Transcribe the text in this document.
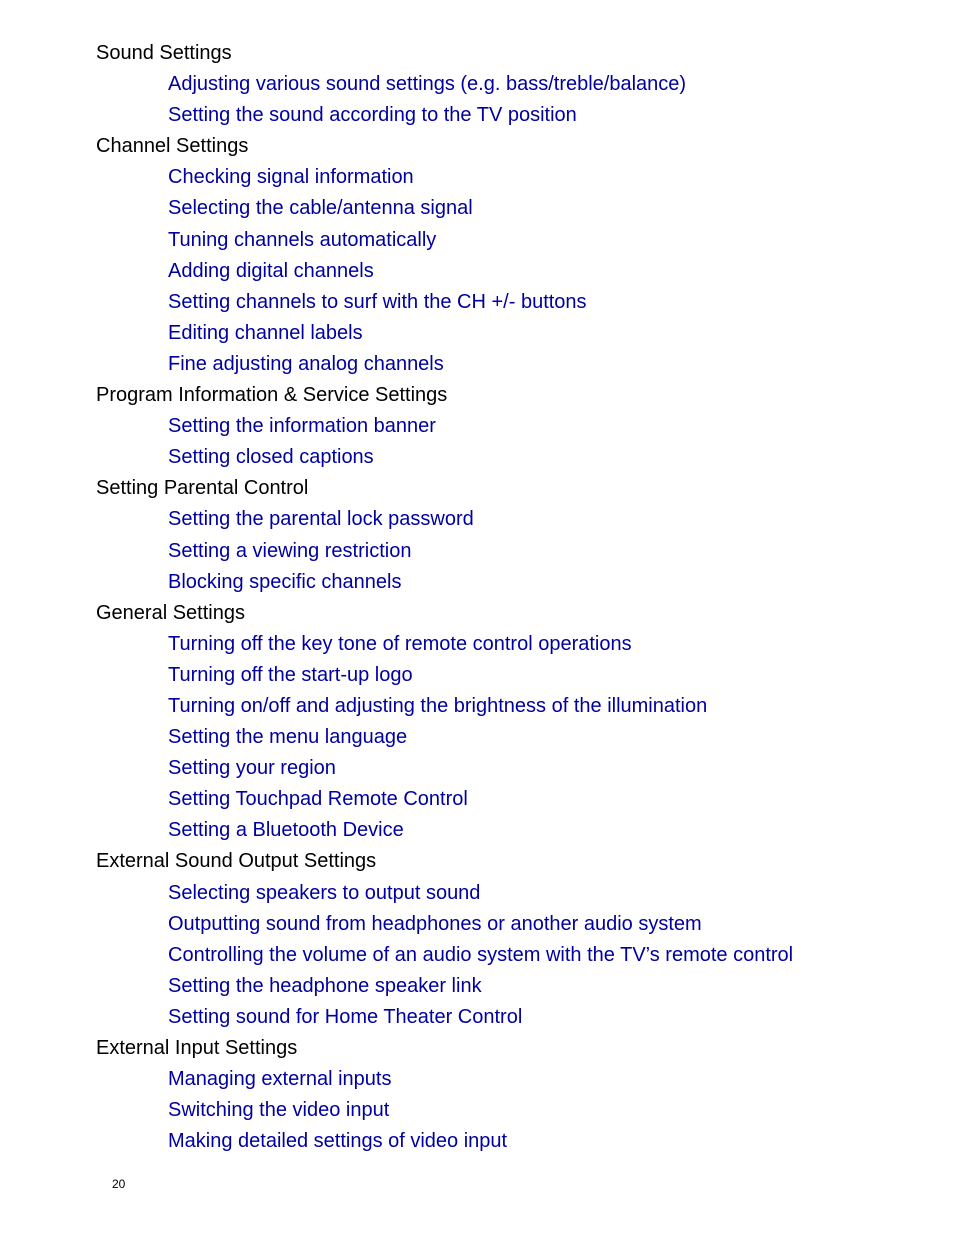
Sound Settings
Adjusting various sound settings (e.g. bass/treble/balance)
Setting the sound according to the TV position
Channel Settings
Checking signal information
Selecting the cable/antenna signal
Tuning channels automatically
Adding digital channels
Setting channels to surf with the CH +/- buttons
Editing channel labels
Fine adjusting analog channels
Program Information & Service Settings
Setting the information banner
Setting closed captions
Setting Parental Control
Setting the parental lock password
Setting a viewing restriction
Blocking specific channels
General Settings
Turning off the key tone of remote control operations
Turning off the start-up logo
Turning on/off and adjusting the brightness of the illumination
Setting the menu language
Setting your region
Setting Touchpad Remote Control
Setting a Bluetooth Device
External Sound Output Settings
Selecting speakers to output sound
Outputting sound from headphones or another audio system
Controlling the volume of an audio system with the TV’s remote control
Setting the headphone speaker link
Setting sound for Home Theater Control
External Input Settings
Managing external inputs
Switching the video input
Making detailed settings of video input
20
